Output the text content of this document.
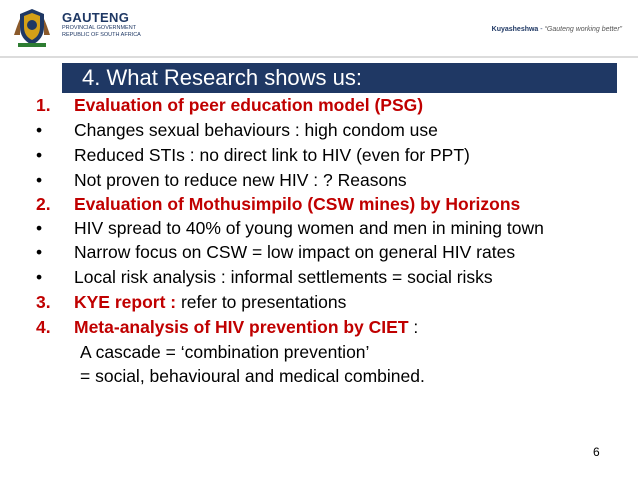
GAUTENG
PROVINCIAL GOVERNMENT
REPUBLIC OF SOUTH AFRICA
Kuyasheshwa - “Gauteng working better”
4. What Research shows us:
1. Evaluation of peer education model (PSG)
• Changes sexual behaviours : high condom use
• Reduced STIs : no direct link to HIV (even for PPT)
• Not proven to reduce new HIV : ? Reasons
2. Evaluation of Mothusimpilo (CSW mines) by Horizons
• HIV spread to 40% of young women and men in mining town
• Narrow focus on CSW = low impact on general HIV rates
• Local risk analysis : informal settlements = social risks
3. KYE report : refer to presentations
4. Meta-analysis of HIV prevention by CIET :
A cascade = ‘combination prevention’
= social, behavioural and medical combined.
6
